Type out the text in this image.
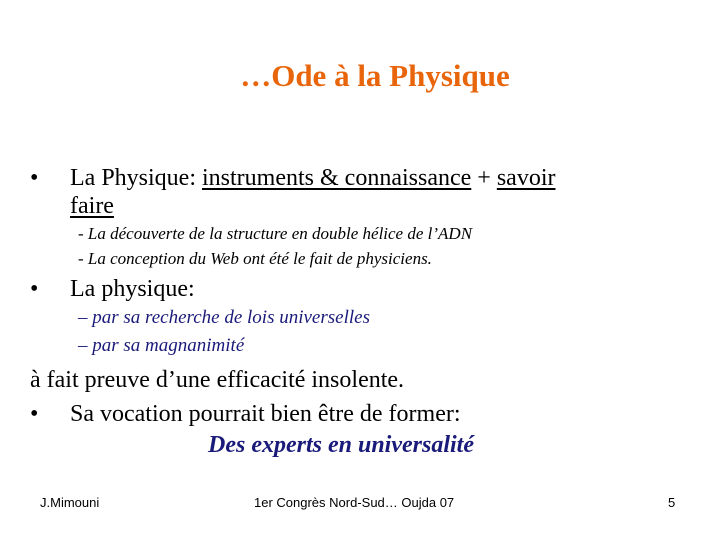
…Ode à la Physique
• La Physique: instruments & connaissance + savoir
faire
- La découverte de la structure en double hélice de l’ADN
- La conception du Web ont été le fait de physiciens.
• La physique:
– par sa recherche de lois universelles
– par sa magnanimité
à fait preuve d’une efficacité insolente.
• Sa vocation pourrait bien être de former:
Des experts en universalité
J.Mimouni	1er Congrès Nord-Sud… Oujda 07	5
